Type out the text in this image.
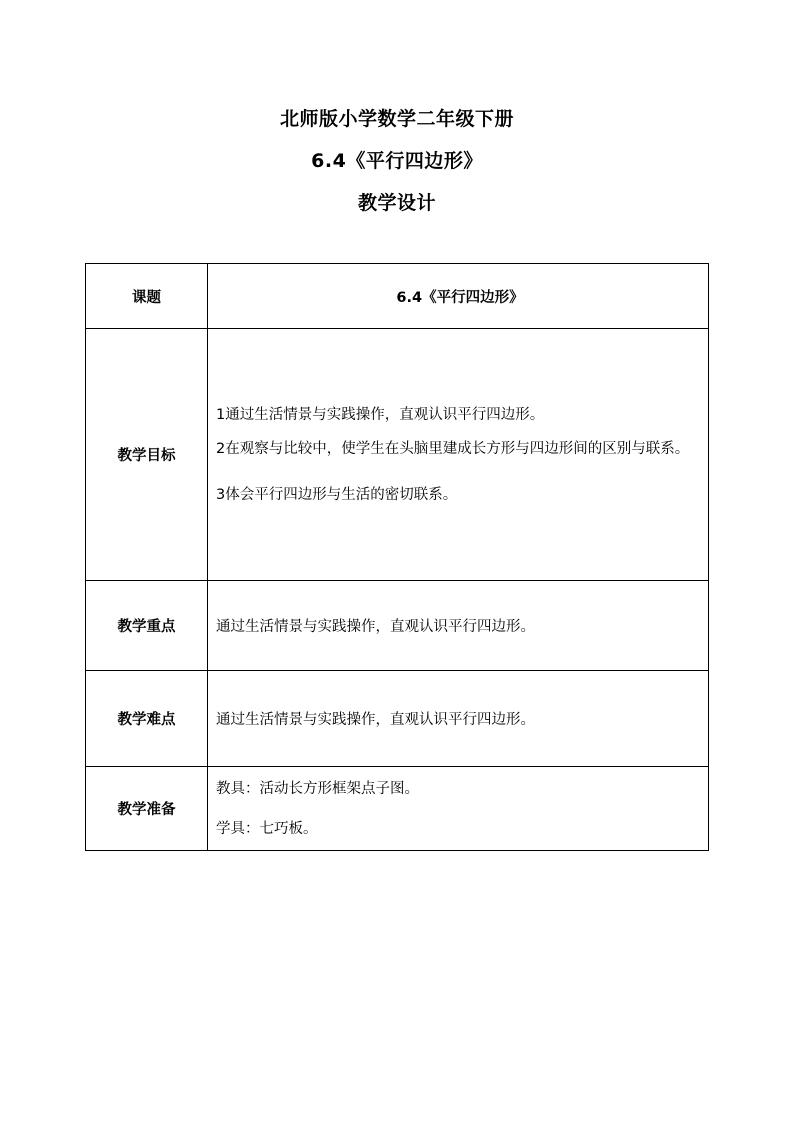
北师版小学数学二年级下册
6.4《平行四边形》
教学设计
课题	6.4《平行四边形》
教学目标	1通过生活情景与实践操作，直观认识平行四边形。

2在观察与比较中，使学生在头脑里建成长方形与四边形间的区别与联系。

3体会平行四边形与生活的密切联系。

教学重点	通过生活情景与实践操作，直观认识平行四边形。
教学难点	通过生活情景与实践操作，直观认识平行四边形。
教学准备	教具：活动长方形框架点子图。

学具：七巧板。
